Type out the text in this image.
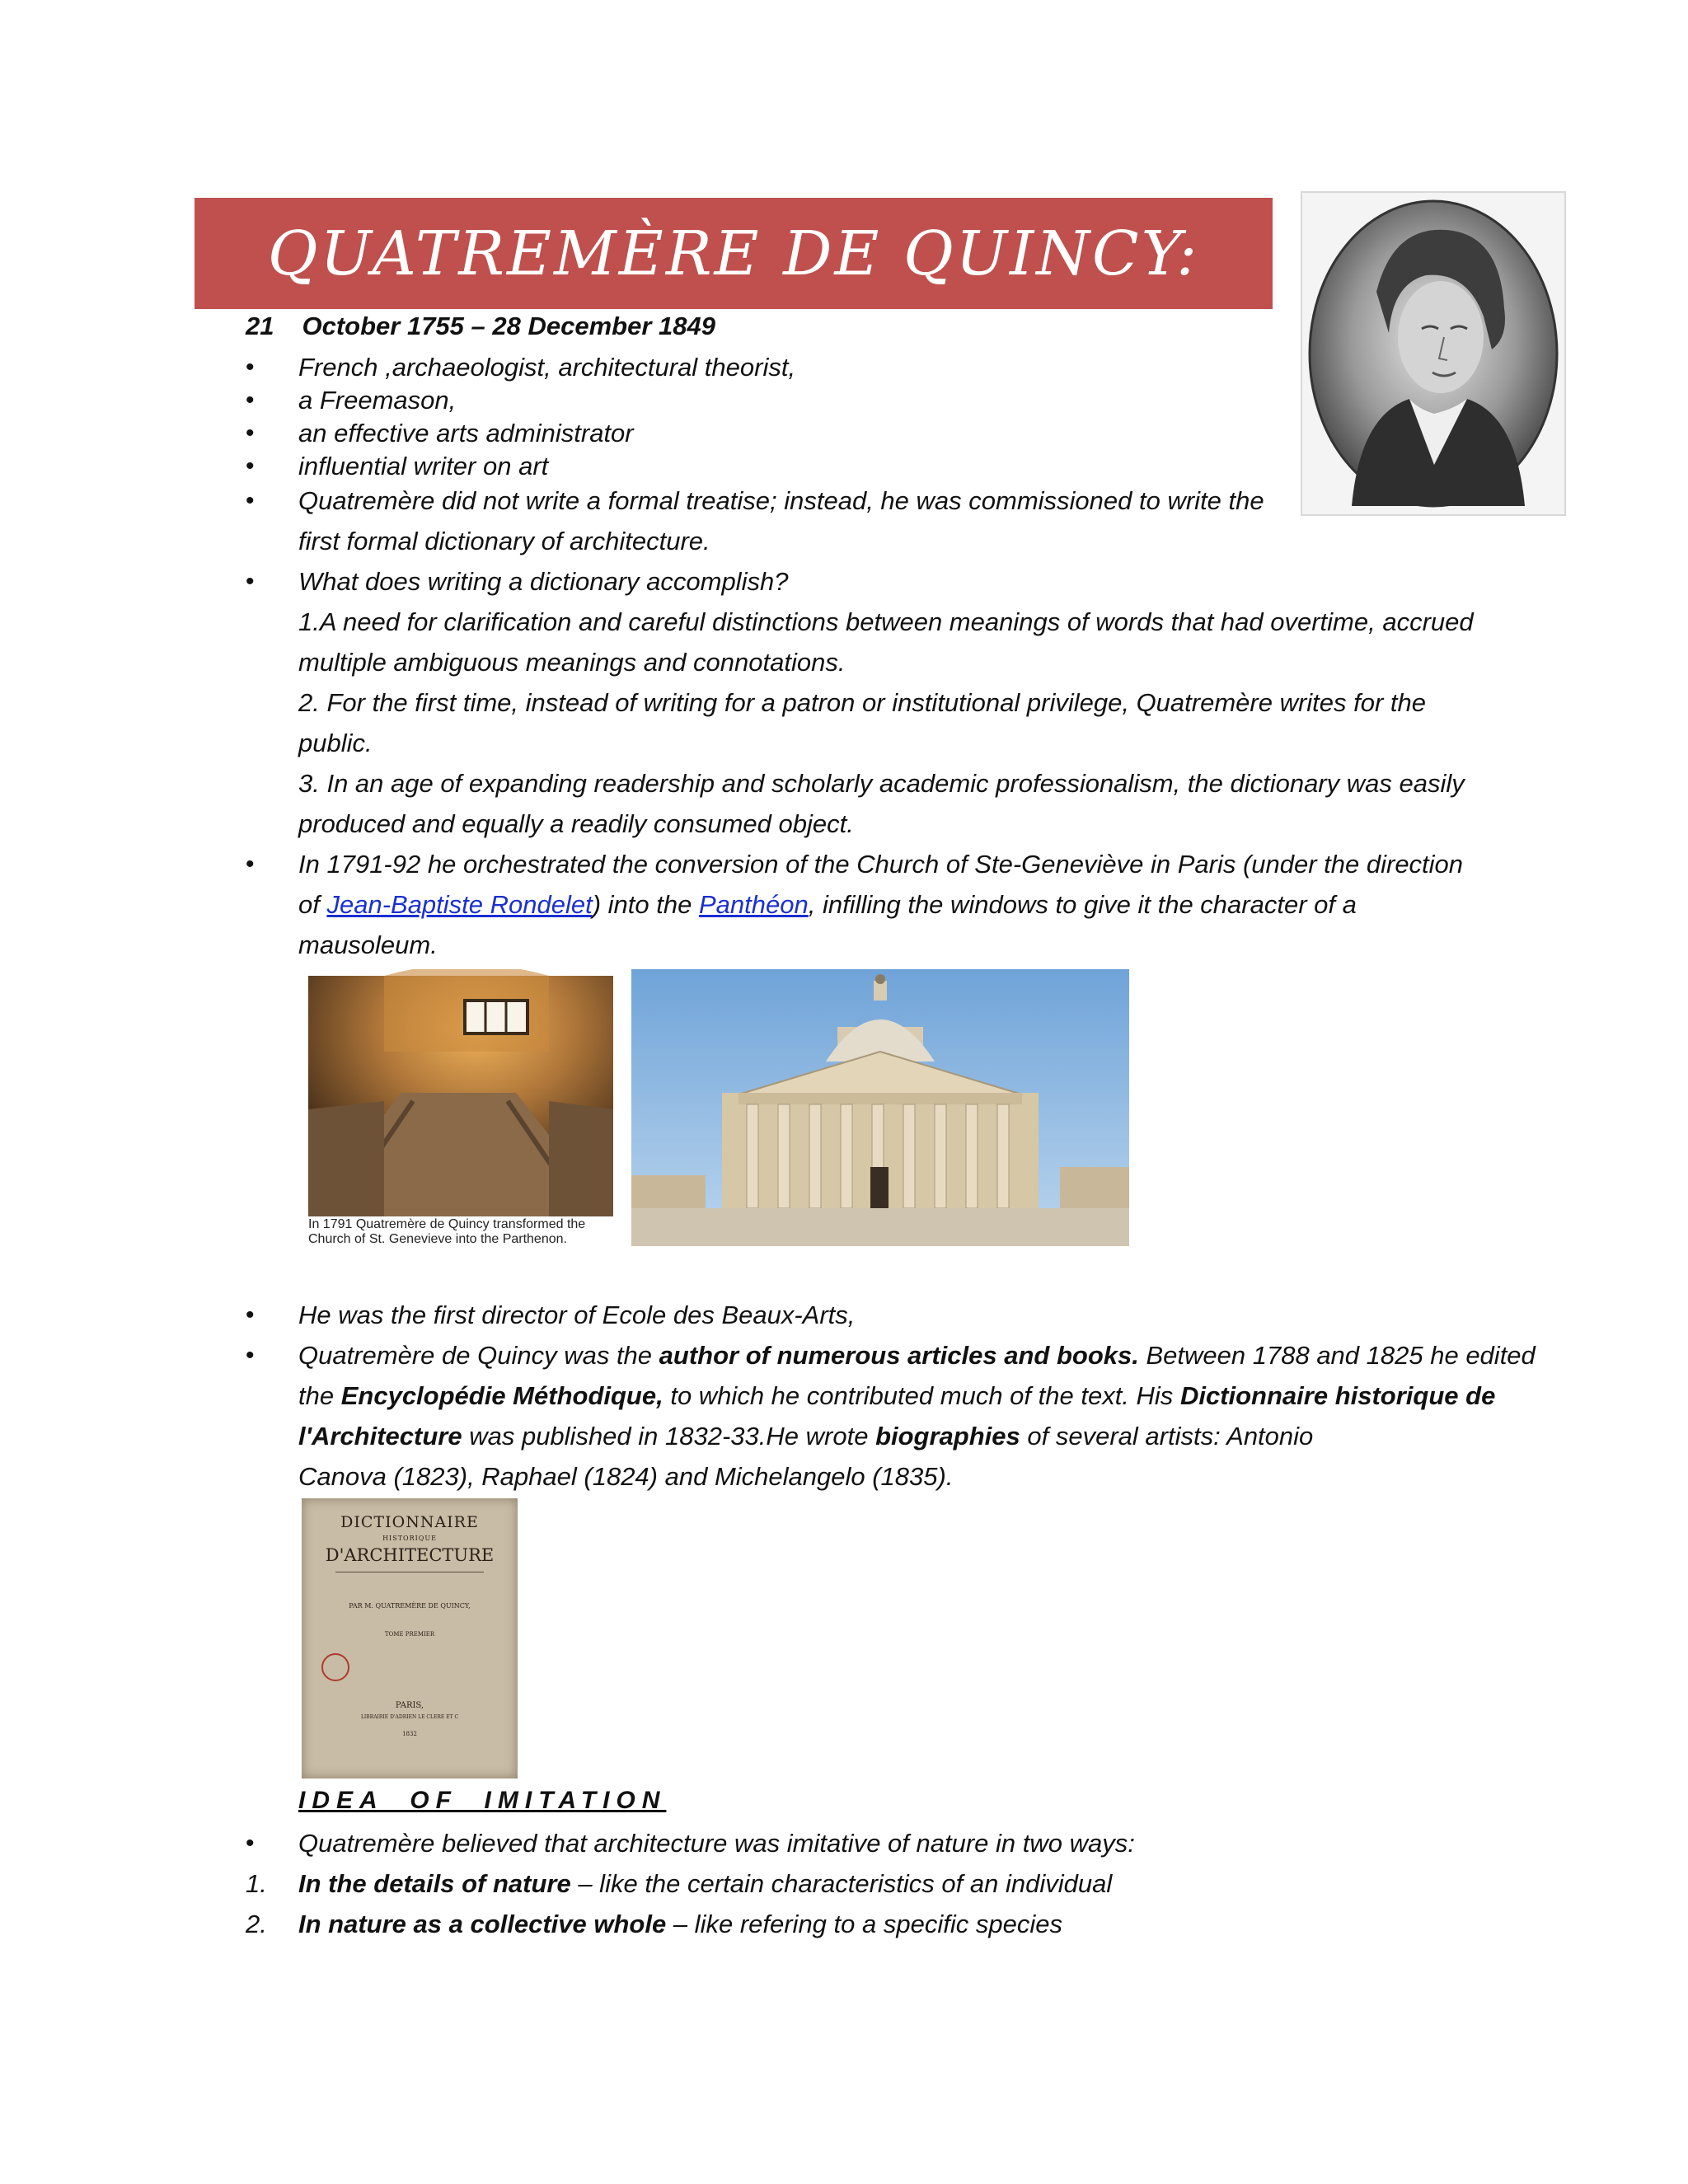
QUATREMÈRE DE QUINCY:
21 October 1755 – 28 December 1849
• French ,archaeologist, architectural theorist,
• a Freemason,
• an effective arts administrator
• influential writer on art
• Quatremère did not write a formal treatise; instead, he was commissioned to write the
first formal dictionary of architecture.
• What does writing a dictionary accomplish?
1.A need for clarification and careful distinctions between meanings of words that had overtime, accrued
multiple ambiguous meanings and connotations.
2. For the first time, instead of writing for a patron or institutional privilege, Quatremère writes for the
public.
3. In an age of expanding readership and scholarly academic professionalism, the dictionary was easily
produced and equally a readily consumed object.
• In 1791-92 he orchestrated the conversion of the Church of Ste-Geneviève in Paris (under the direction
of Jean-Baptiste Rondelet) into the Panthéon, infilling the windows to give it the character of a
mausoleum.
In 1791 Quatremère de Quincy transformed the
Church of St. Genevieve into the Parthenon.
• He was the first director of Ecole des Beaux-Arts,
• Quatremère de Quincy was the author of numerous articles and books. Between 1788 and 1825 he edited
the Encyclopédie Méthodique, to which he contributed much of the text. His Dictionnaire historique de
l'Architecture was published in 1832-33.He wrote biographies of several artists: Antonio
Canova (1823), Raphael (1824) and Michelangelo (1835).
DICTIONNAIRE
HISTORIQUE
D'ARCHITECTURE
PAR M. QUATREMÈRE DE QUINCY,
TOME PREMIER
PARIS,
LIBRAIRIE D'ADRIEN LE CLERE ET C
1832
IDEA  OF  IMITATION
• Quatremère believed that architecture was imitative of nature in two ways:
1. In the details of nature – like the certain characteristics of an individual
2. In nature as a collective whole – like refering to a specific species
